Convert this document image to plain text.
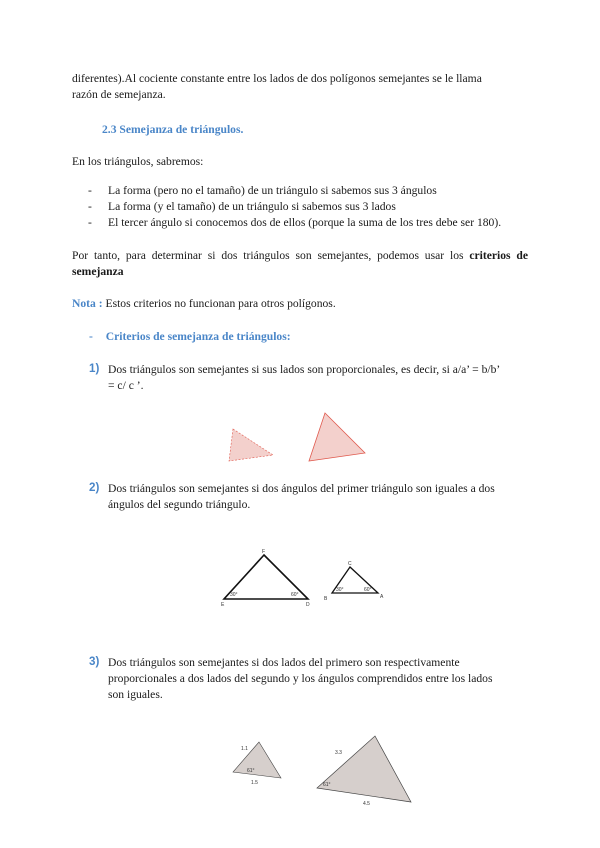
diferentes).Al cociente constante entre los lados de dos polígonos semejantes se le llama
razón de semejanza.

2.3 Semejanza de triángulos.
En los triángulos, sabremos:
- La forma (pero no el tamaño) de un triángulo si sabemos sus 3 ángulos
- La forma (y el tamaño) de un triángulo si sabemos sus 3 lados
- El tercer ángulo si conocemos dos de ellos (porque la suma de los tres debe ser 180).

Por tanto, para determinar si dos triángulos son semejantes, podemos usar los criterios de semejanza

Nota : Estos criterios no funcionan para otros polígonos.
- Criterios de semejanza de triángulos:
1) Dos triángulos son semejantes si sus lados son proporcionales, es decir, si a/a’ = b/b’
= c/ c ’.

2) Dos triángulos son semejantes si dos ángulos del primer triángulo son iguales a dos
ángulos del segundo triángulo.

F
E	D
30°	60°
C
B	A
30°	60°
3) Dos triángulos son semejantes si dos lados del primero son respectivamente
proporcionales a dos lados del segundo y los ángulos comprendidos entre los lados
son iguales.

1.1
1.5
61°
3.3
4.5
61°
